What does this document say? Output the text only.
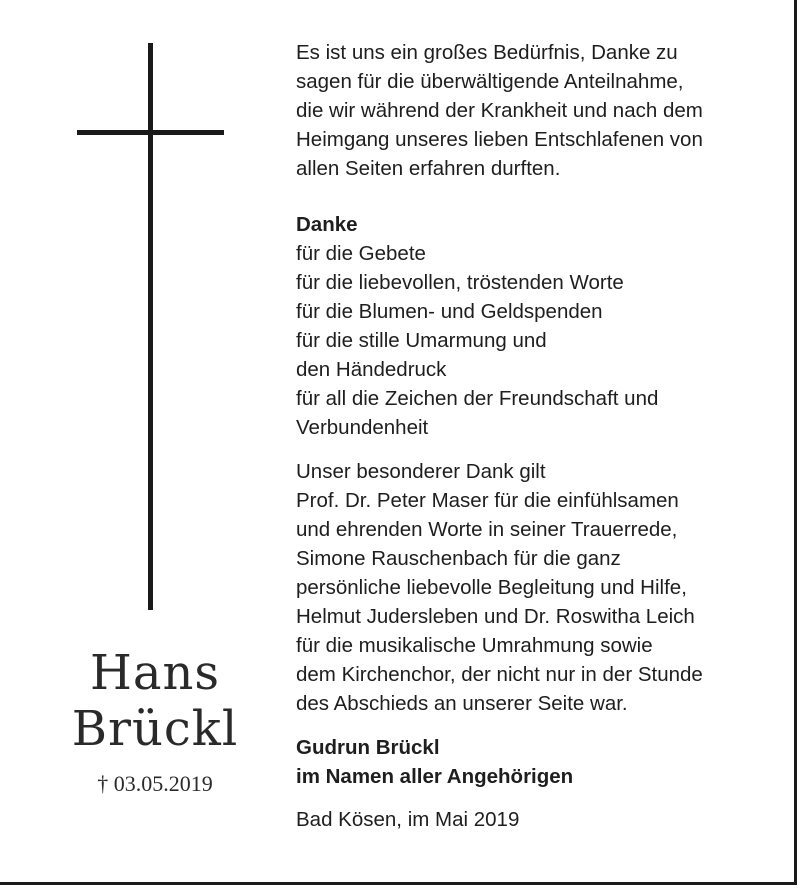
Hans
Brückl
† 03.05.2019

Es ist uns ein großes Bedürfnis, Danke zu
sagen für die überwältigende Anteilnahme,
die wir während der Krankheit und nach dem
Heimgang unseres lieben Entschlafenen von
allen Seiten erfahren durften.

Danke

für die Gebete
für die liebevollen, tröstenden Worte
für die Blumen- und Geldspenden
für die stille Umarmung und
den Händedruck
für all die Zeichen der Freundschaft und
Verbundenheit

Unser besonderer Dank gilt
Prof. Dr. Peter Maser für die einfühlsamen
und ehrenden Worte in seiner Trauerrede,
Simone Rauschenbach für die ganz
persönliche liebevolle Begleitung und Hilfe,
Helmut Judersleben und Dr. Roswitha Leich
für die musikalische Umrahmung sowie
dem Kirchenchor, der nicht nur in der Stunde
des Abschieds an unserer Seite war.

Gudrun Brückl
im Namen aller Angehörigen

Bad Kösen, im Mai 2019
